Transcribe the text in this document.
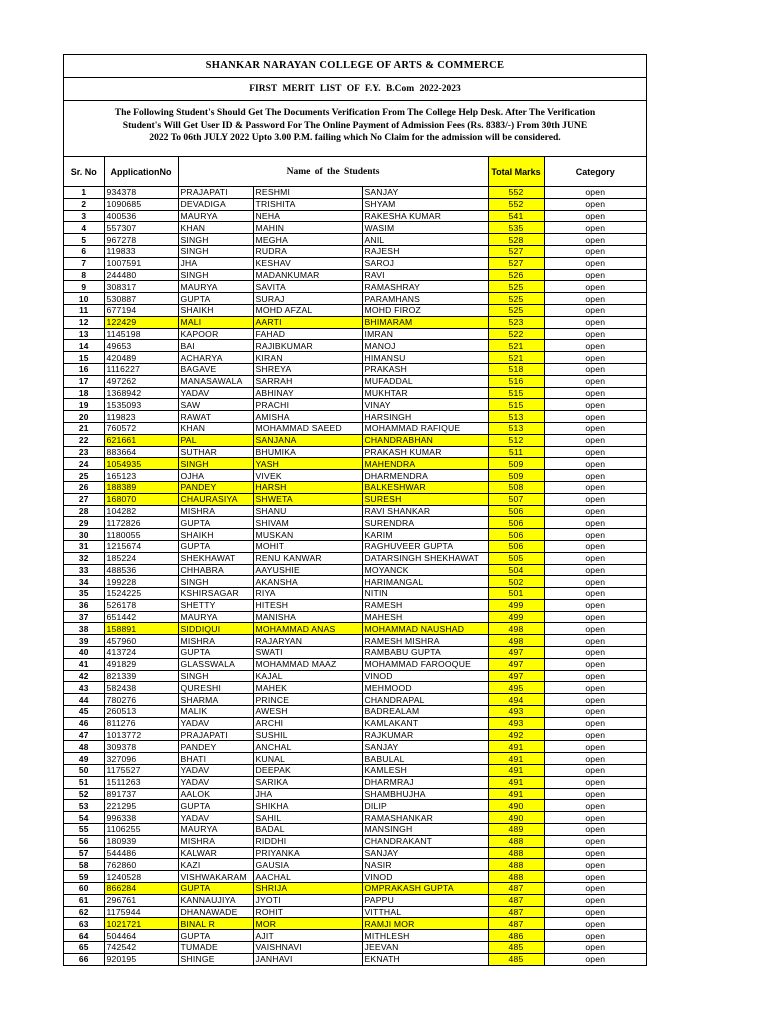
SHANKAR NARAYAN COLLEGE OF ARTS & COMMERCE
FIRST MERIT LIST OF F.Y. B.Com 2022-2023
The Following Student's Should Get The Documents Verification From The College Help Desk. After The Verification
Student's Will Get User ID & Password For The Online Payment of Admission Fees (Rs. 8383/-) From 30th JUNE
2022 To 06th JULY 2022 Upto 3.00 P.M. failing which No Claim for the admission will be considered.
Sr. No	ApplicationNo	Name of the Students			Total Marks	Category
1	934378	PRAJAPATI	RESHMI	SANJAY	552	open
2	1090685	DEVADIGA	TRISHITA	SHYAM	552	open
3	400536	MAURYA	NEHA	RAKESHA KUMAR	541	open
4	557307	KHAN	MAHIN	WASIM	535	open
5	967278	SINGH	MEGHA	ANIL	528	open
6	119833	SINGH	RUDRA	RAJESH	527	open
7	1007591	JHA	KESHAV	SAROJ	527	open
8	244480	SINGH	MADANKUMAR	RAVI	526	open
9	308317	MAURYA	SAVITA	RAMASHRAY	525	open
10	530887	GUPTA	SURAJ	PARAMHANS	525	open
11	677194	SHAIKH	MOHD AFZAL	MOHD FIROZ	525	open
12	122429	MALI	AARTI	BHIMARAM	523	open
13	1145198	KAPOOR	FAHAD	IMRAN	522	open
14	49653	BAI	RAJIBKUMAR	MANOJ	521	open
15	420489	ACHARYA	KIRAN	HIMANSU	521	open
16	1116227	BAGAVE	SHREYA	PRAKASH	518	open
17	497262	MANASAWALA	SARRAH	MUFADDAL	516	open
18	1368942	YADAV	ABHINAY	MUKHTAR	515	open
19	1535093	SAW	PRACHI	VINAY	515	open
20	119823	RAWAT	AMISHA	HARSINGH	513	open
21	760572	KHAN	MOHAMMAD SAEED	MOHAMMAD RAFIQUE	513	open
22	621661	PAL	SANJANA	CHANDRABHAN	512	open
23	883664	SUTHAR	BHUMIKA	PRAKASH KUMAR	511	open
24	1054935	SINGH	YASH	MAHENDRA	509	open
25	165123	OJHA	VIVEK	DHARMENDRA	509	open
26	188389	PANDEY	HARSH	BALKESHWAR	508	open
27	168070	CHAURASIYA	SHWETA	SURESH	507	open
28	104282	MISHRA	SHANU	RAVI SHANKAR	506	open
29	1172826	GUPTA	SHIVAM	SURENDRA	506	open
30	1180055	SHAIKH	MUSKAN	KARIM	506	open
31	1215674	GUPTA	MOHIT	RAGHUVEER GUPTA	506	open
32	185224	SHEKHAWAT	RENU KANWAR	DATARSINGH SHEKHAWAT	505	open
33	488536	CHHABRA	AAYUSHIE	MOYANCK	504	open
34	199228	SINGH	AKANSHA	HARIMANGAL	502	open
35	1524225	KSHIRSAGAR	RIYA	NITIN	501	open
36	526178	SHETTY	HITESH	RAMESH	499	open
37	651442	MAURYA	MANISHA	MAHESH	499	open
38	158891	SIDDIQUI	MOHAMMAD ANAS	MOHAMMAD NAUSHAD	498	open
39	457960	MISHRA	RAJARYAN	RAMESH MISHRA	498	open
40	413724	GUPTA	SWATI	RAMBABU GUPTA	497	open
41	491829	GLASSWALA	MOHAMMAD MAAZ	MOHAMMAD FAROOQUE	497	open
42	821339	SINGH	KAJAL	VINOD	497	open
43	582438	QURESHI	MAHEK	MEHMOOD	495	open
44	780276	SHARMA	PRINCE	CHANDRAPAL	494	open
45	260513	MALIK	AWESH	BADREALAM	493	open
46	811276	YADAV	ARCHI	KAMLAKANT	493	open
47	1013772	PRAJAPATI	SUSHIL	RAJKUMAR	492	open
48	309378	PANDEY	ANCHAL	SANJAY	491	open
49	327096	BHATI	KUNAL	BABULAL	491	open
50	1175527	YADAV	DEEPAK	KAMLESH	491	open
51	1511263	YADAV	SARIKA	DHARMRAJ	491	open
52	891737	AALOK	JHA	SHAMBHUJHA	491	open
53	221295	GUPTA	SHIKHA	DILIP	490	open
54	996338	YADAV	SAHIL	RAMASHANKAR	490	open
55	1106255	MAURYA	BADAL	MANSINGH	489	open
56	180939	MISHRA	RIDDHI	CHANDRAKANT	488	open
57	544486	KALWAR	PRIYANKA	SANJAY	488	open
58	762860	KAZI	GAUSIA	NASIR	488	open
59	1240528	VISHWAKARAM	AACHAL	VINOD	488	open
60	866284	GUPTA	SHRIJA	OMPRAKASH GUPTA	487	open
61	296761	KANNAUJIYA	JYOTI	PAPPU	487	open
62	1175944	DHANAWADE	ROHIT	VITTHAL	487	open
63	1021721	BINAL R	MOR	RAMJI MOR	487	open
64	504464	GUPTA	AJIT	MITHLESH	486	open
65	742542	TUMADE	VAISHNAVI	JEEVAN	485	open
66	920195	SHINGE	JANHAVI	EKNATH	485	open
